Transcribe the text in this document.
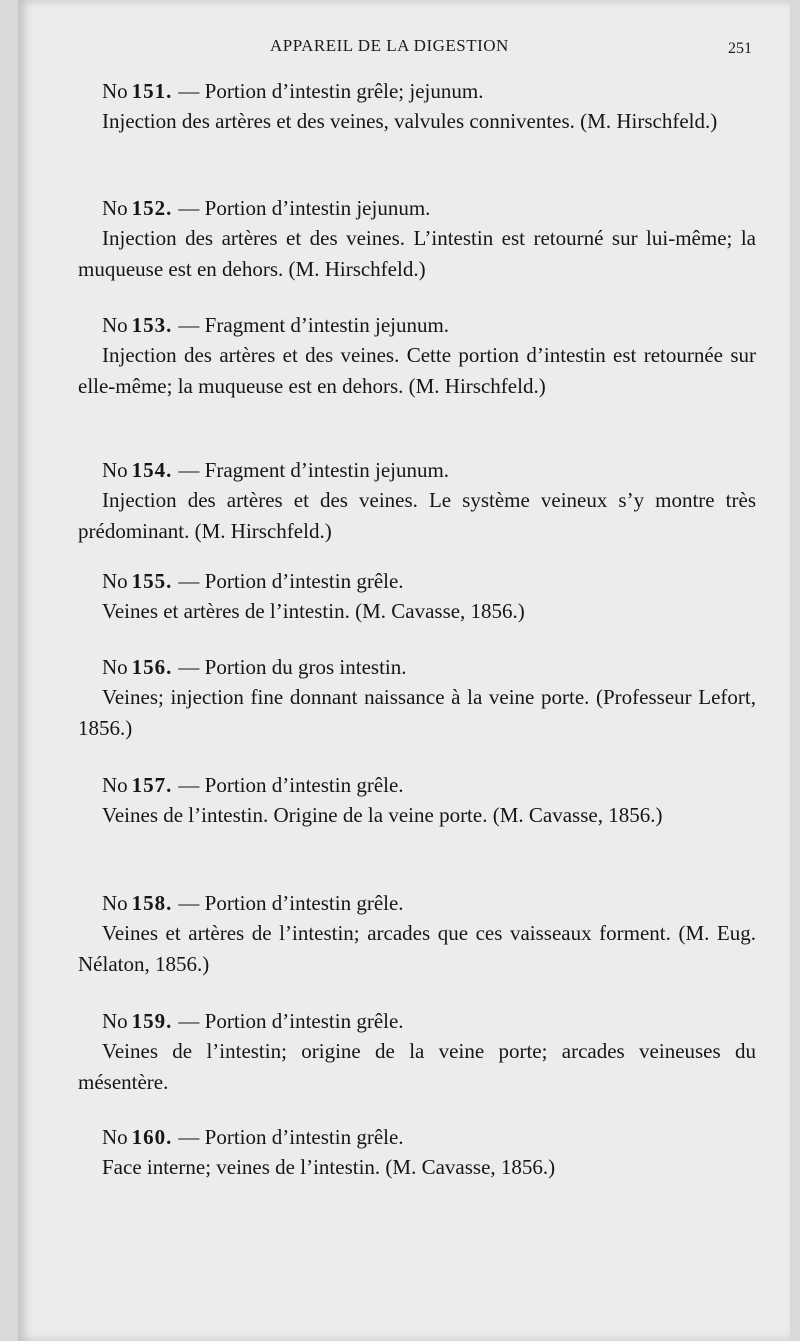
APPAREIL DE LA DIGESTION	251
No 151. — Portion d’intestin grêle; jejunum.
Injection des artères et des veines, valvules conniventes. (M. Hirschfeld.)
No 152. — Portion d’intestin jejunum.
Injection des artères et des veines. L’intestin est retourné sur lui-même; la muqueuse est en dehors. (M. Hirschfeld.)
No 153. — Fragment d’intestin jejunum.
Injection des artères et des veines. Cette portion d’intestin est retournée sur elle-même; la muqueuse est en dehors. (M. Hirschfeld.)
No 154. — Fragment d’intestin jejunum.
Injection des artères et des veines. Le système veineux s’y montre très prédominant. (M. Hirschfeld.)
No 155. — Portion d’intestin grêle.
Veines et artères de l’intestin. (M. Cavasse, 1856.)
No 156. — Portion du gros intestin.
Veines; injection fine donnant naissance à la veine porte. (Professeur Lefort, 1856.)
No 157. — Portion d’intestin grêle.
Veines de l’intestin. Origine de la veine porte. (M. Cavasse, 1856.)
No 158. — Portion d’intestin grêle.
Veines et artères de l’intestin; arcades que ces vaisseaux forment. (M. Eug. Nélaton, 1856.)
No 159. — Portion d’intestin grêle.
Veines de l’intestin; origine de la veine porte; arcades veineuses du mésentère.
No 160. — Portion d’intestin grêle.
Face interne; veines de l’intestin. (M. Cavasse, 1856.)
